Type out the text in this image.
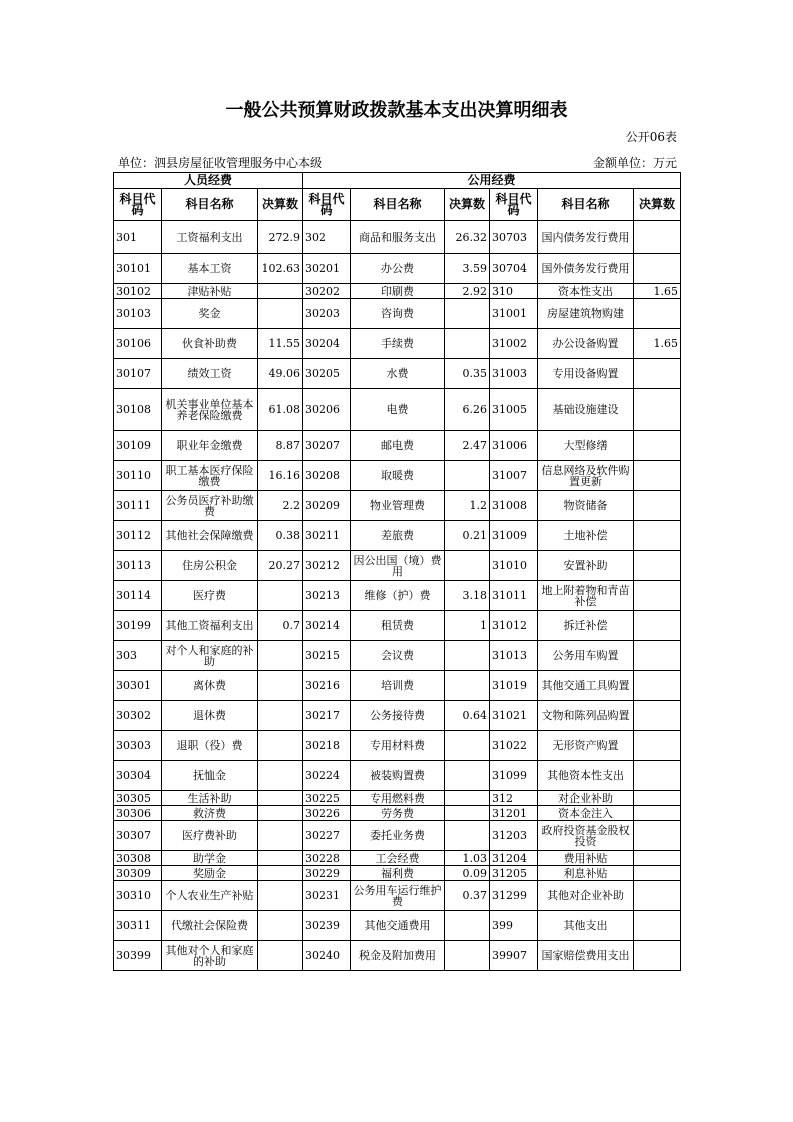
一般公共预算财政拨款基本支出决算明细表
公开06表
单位：泗县房屋征收管理服务中心本级	金额单位：万元
人员经费			公用经费					
科目代码	科目名称	决算数	科目代码	科目名称	决算数	科目代码	科目名称	决算数
301	工资福利支出	272.9	302	商品和服务支出	26.32	30703	国内债务发行费用	
30101	基本工资	102.63	30201	办公费	3.59	30704	国外债务发行费用	
30102	津贴补贴		30202	印刷费	2.92	310	资本性支出	1.65
30103	奖金		30203	咨询费		31001	房屋建筑物购建	
30106	伙食补助费	11.55	30204	手续费		31002	办公设备购置	1.65
30107	绩效工资	49.06	30205	水费	0.35	31003	专用设备购置	
30108	机关事业单位基本养老保险缴费	61.08	30206	电费	6.26	31005	基础设施建设	
30109	职业年金缴费	8.87	30207	邮电费	2.47	31006	大型修缮	
30110	职工基本医疗保险缴费	16.16	30208	取暖费		31007	信息网络及软件购置更新	
30111	公务员医疗补助缴费	2.2	30209	物业管理费	1.2	31008	物资储备	
30112	其他社会保障缴费	0.38	30211	差旅费	0.21	31009	土地补偿	
30113	住房公积金	20.27	30212	因公出国（境）费用		31010	安置补助	
30114	医疗费		30213	维修（护）费	3.18	31011	地上附着物和青苗补偿	
30199	其他工资福利支出	0.7	30214	租赁费	1	31012	拆迁补偿	
303	对个人和家庭的补助		30215	会议费		31013	公务用车购置	
30301	离休费		30216	培训费		31019	其他交通工具购置	
30302	退休费		30217	公务接待费	0.64	31021	文物和陈列品购置	
30303	退职（役）费		30218	专用材料费		31022	无形资产购置	
30304	抚恤金		30224	被装购置费		31099	其他资本性支出	
30305	生活补助		30225	专用燃料费		312	对企业补助	
30306	救济费		30226	劳务费		31201	资本金注入	
30307	医疗费补助		30227	委托业务费		31203	政府投资基金股权投资	
30308	助学金		30228	工会经费	1.03	31204	费用补贴	
30309	奖励金		30229	福利费	0.09	31205	利息补贴	
30310	个人农业生产补贴		30231	公务用车运行维护费	0.37	31299	其他对企业补助	
30311	代缴社会保险费		30239	其他交通费用		399	其他支出	
30399	其他对个人和家庭的补助		30240	税金及附加费用		39907	国家赔偿费用支出	
